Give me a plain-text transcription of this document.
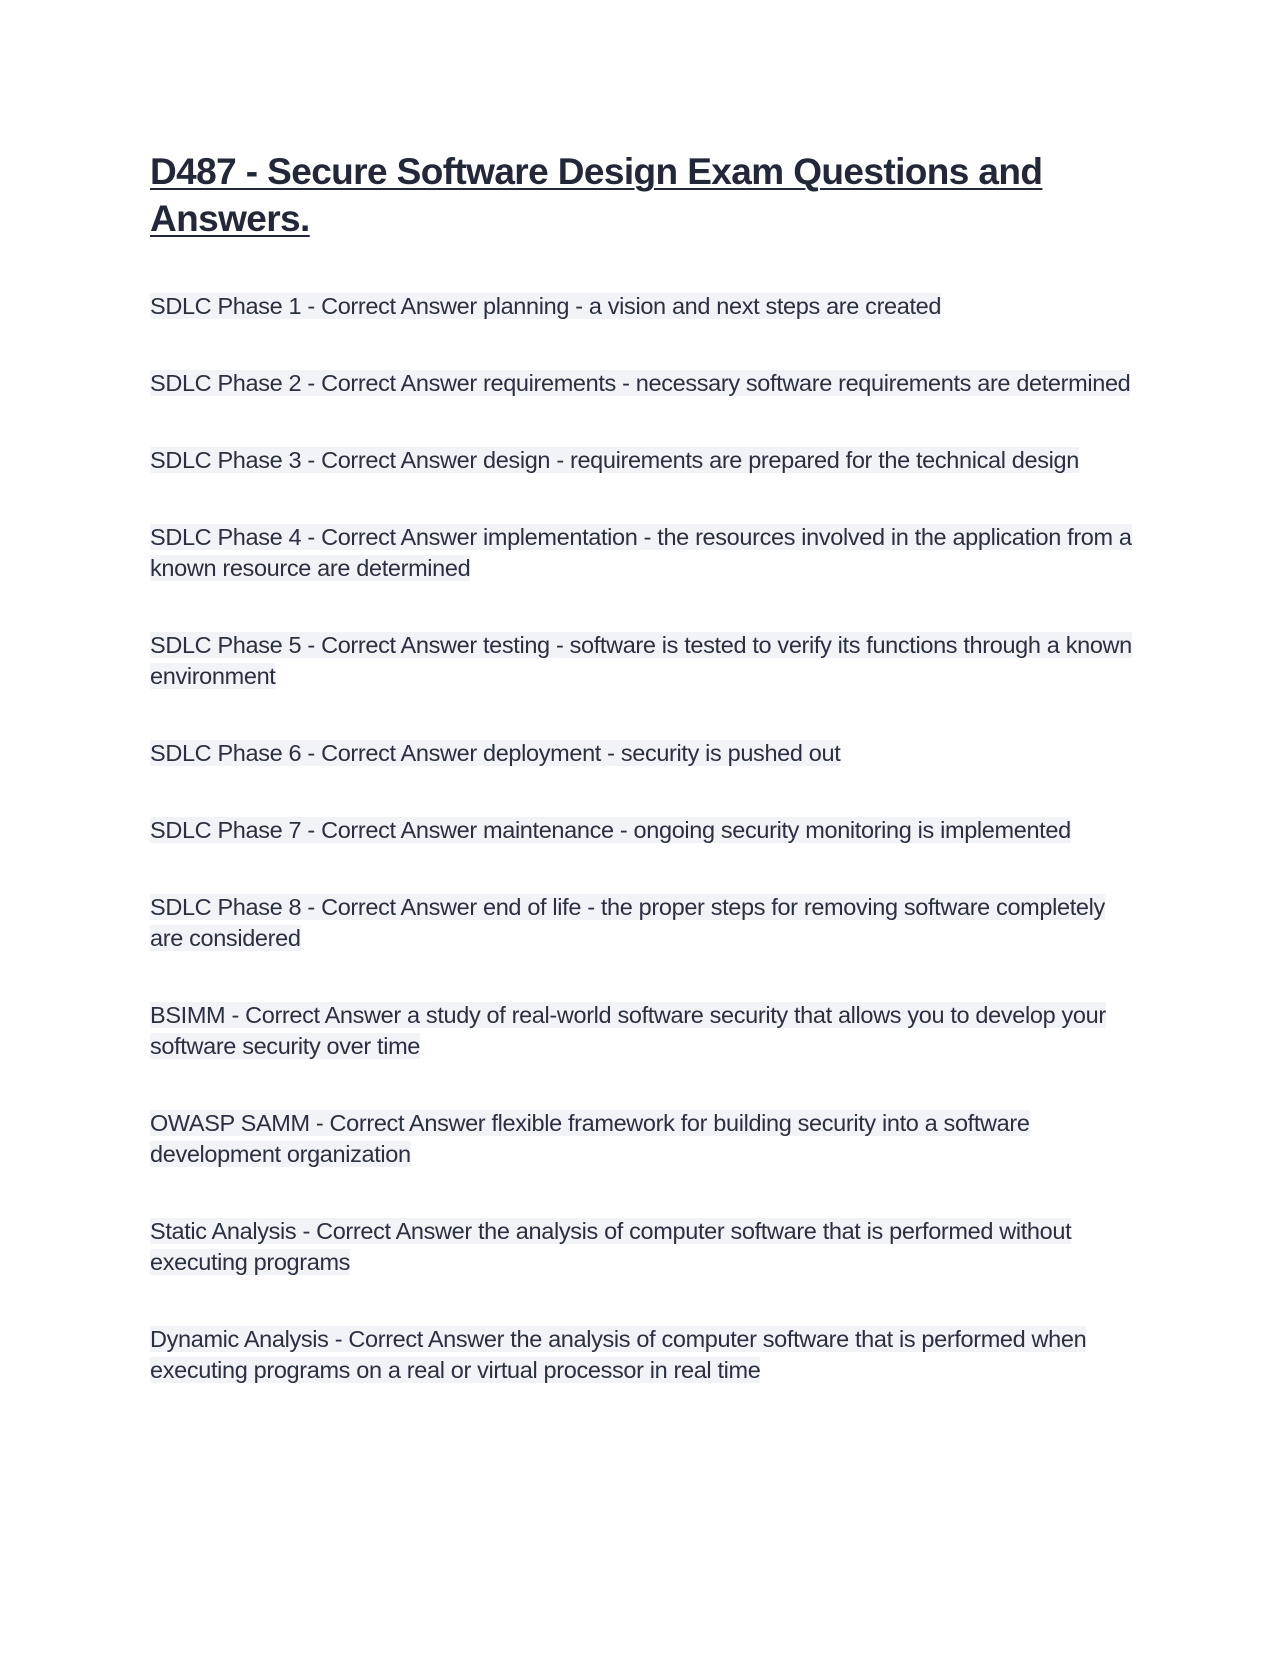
D487 - Secure Software Design Exam Questions and Answers.

SDLC Phase 1 - Correct Answer planning - a vision and next steps are created

SDLC Phase 2 - Correct Answer requirements - necessary software requirements are determined

SDLC Phase 3 - Correct Answer design - requirements are prepared for the technical design

SDLC Phase 4 - Correct Answer implementation - the resources involved in the application from a known resource are determined

SDLC Phase 5 - Correct Answer testing - software is tested to verify its functions through a known environment

SDLC Phase 6 - Correct Answer deployment - security is pushed out

SDLC Phase 7 - Correct Answer maintenance - ongoing security monitoring is implemented

SDLC Phase 8 - Correct Answer end of life - the proper steps for removing software completely are considered

BSIMM - Correct Answer a study of real-world software security that allows you to develop your software security over time

OWASP SAMM - Correct Answer flexible framework for building security into a software development organization

Static Analysis - Correct Answer the analysis of computer software that is performed without executing programs

Dynamic Analysis - Correct Answer the analysis of computer software that is performed when executing programs on a real or virtual processor in real time
